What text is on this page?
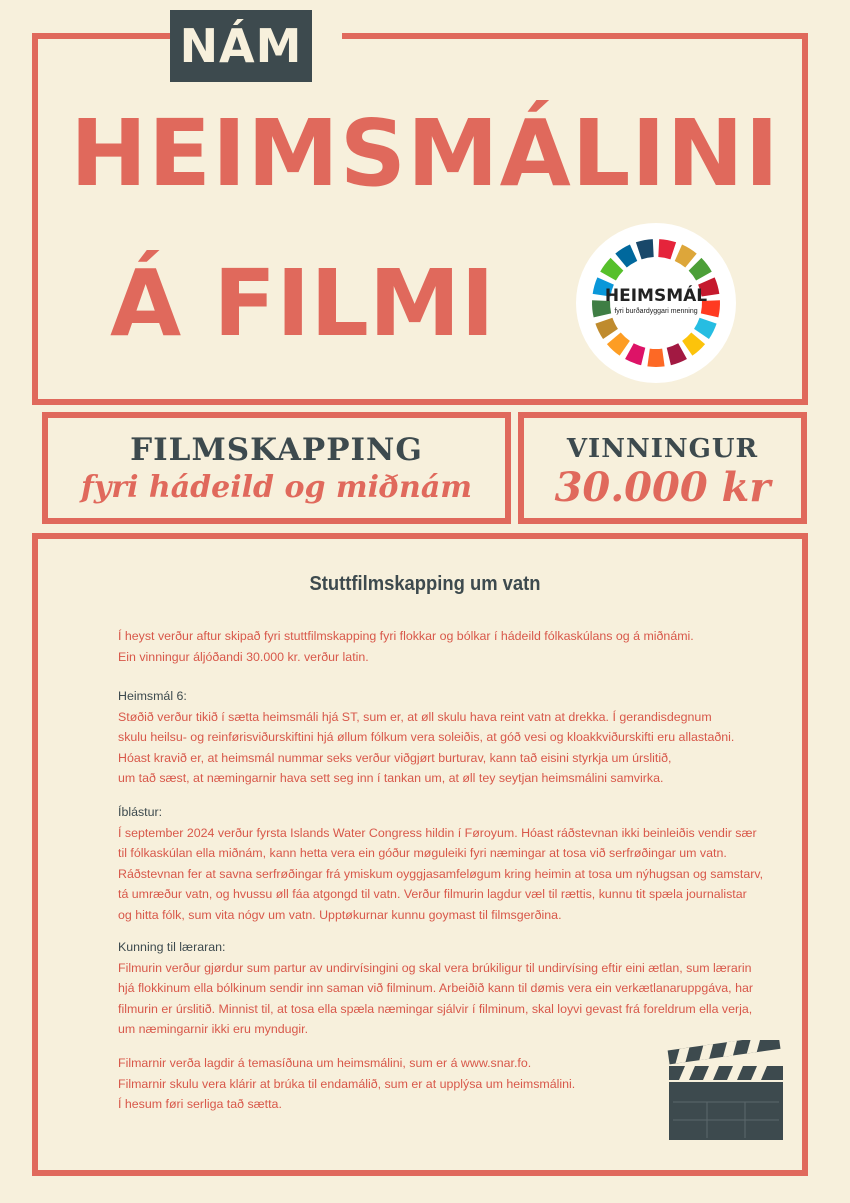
NÁM
HEIMSMÁLINI
Á FILMI	HEIMSMÁL
fyri burðardyggari menning
FILMSKAPPING
fyri hádeild og miðnám
VINNINGUR
30.000 kr
Stuttfilmskapping um vatn
Í heyst verður aftur skipað fyri stuttfilmskapping fyri flokkar og bólkar í hádeild fólkaskúlans og á miðnámi.
Ein vinningur áljóðandi 30.000 kr. verður latin.
Heimsmál 6:
Støðið verður tikið í sætta heimsmáli hjá ST, sum er, at øll skulu hava reint vatn at drekka. Í gerandisdegnum
skulu heilsu- og reinførisviðurskiftini hjá øllum fólkum vera soleiðis, at góð vesi og kloakkviðurskifti eru allastaðni.
Hóast kravið er, at heimsmál nummar seks verður viðgjørt burturav, kann tað eisini styrkja um úrslitið,
um tað sæst, at næmingarnir hava sett seg inn í tankan um, at øll tey seytjan heimsmálini samvirka.
Íblástur:
Í september 2024 verður fyrsta Islands Water Congress hildin í Føroyum. Hóast ráðstevnan ikki beinleiðis vendir sær
til fólkaskúlan ella miðnám, kann hetta vera ein góður møguleiki fyri næmingar at tosa við serfrøðingar um vatn.
Ráðstevnan fer at savna serfrøðingar frá ymiskum oyggjasamfeløgum kring heimin at tosa um nýhugsan og samstarv,
tá umræður vatn, og hvussu øll fáa atgongd til vatn. Verður filmurin lagdur væl til rættis, kunnu tit spæla journalistar
og hitta fólk, sum vita nógv um vatn. Upptøkurnar kunnu goymast til filmsgerðina.
Kunning til læraran:
Filmurin verður gjørdur sum partur av undirvísingini og skal vera brúkiligur til undirvísing eftir eini ætlan, sum lærarin
hjá flokkinum ella bólkinum sendir inn saman við filminum. Arbeiðið kann til dømis vera ein verkætlanaruppgáva, har
filmurin er úrslitið. Minnist til, at tosa ella spæla næmingar sjálvir í filminum, skal loyvi gevast frá foreldrum ella verja,
um næmingarnir ikki eru myndugir.
Filmarnir verða lagdir á temasíðuna um heimsmálini, sum er á www.snar.fo.
Filmarnir skulu vera klárir at brúka til endamálið, sum er at upplýsa um heimsmálini.
Í hesum føri serliga tað sætta.
